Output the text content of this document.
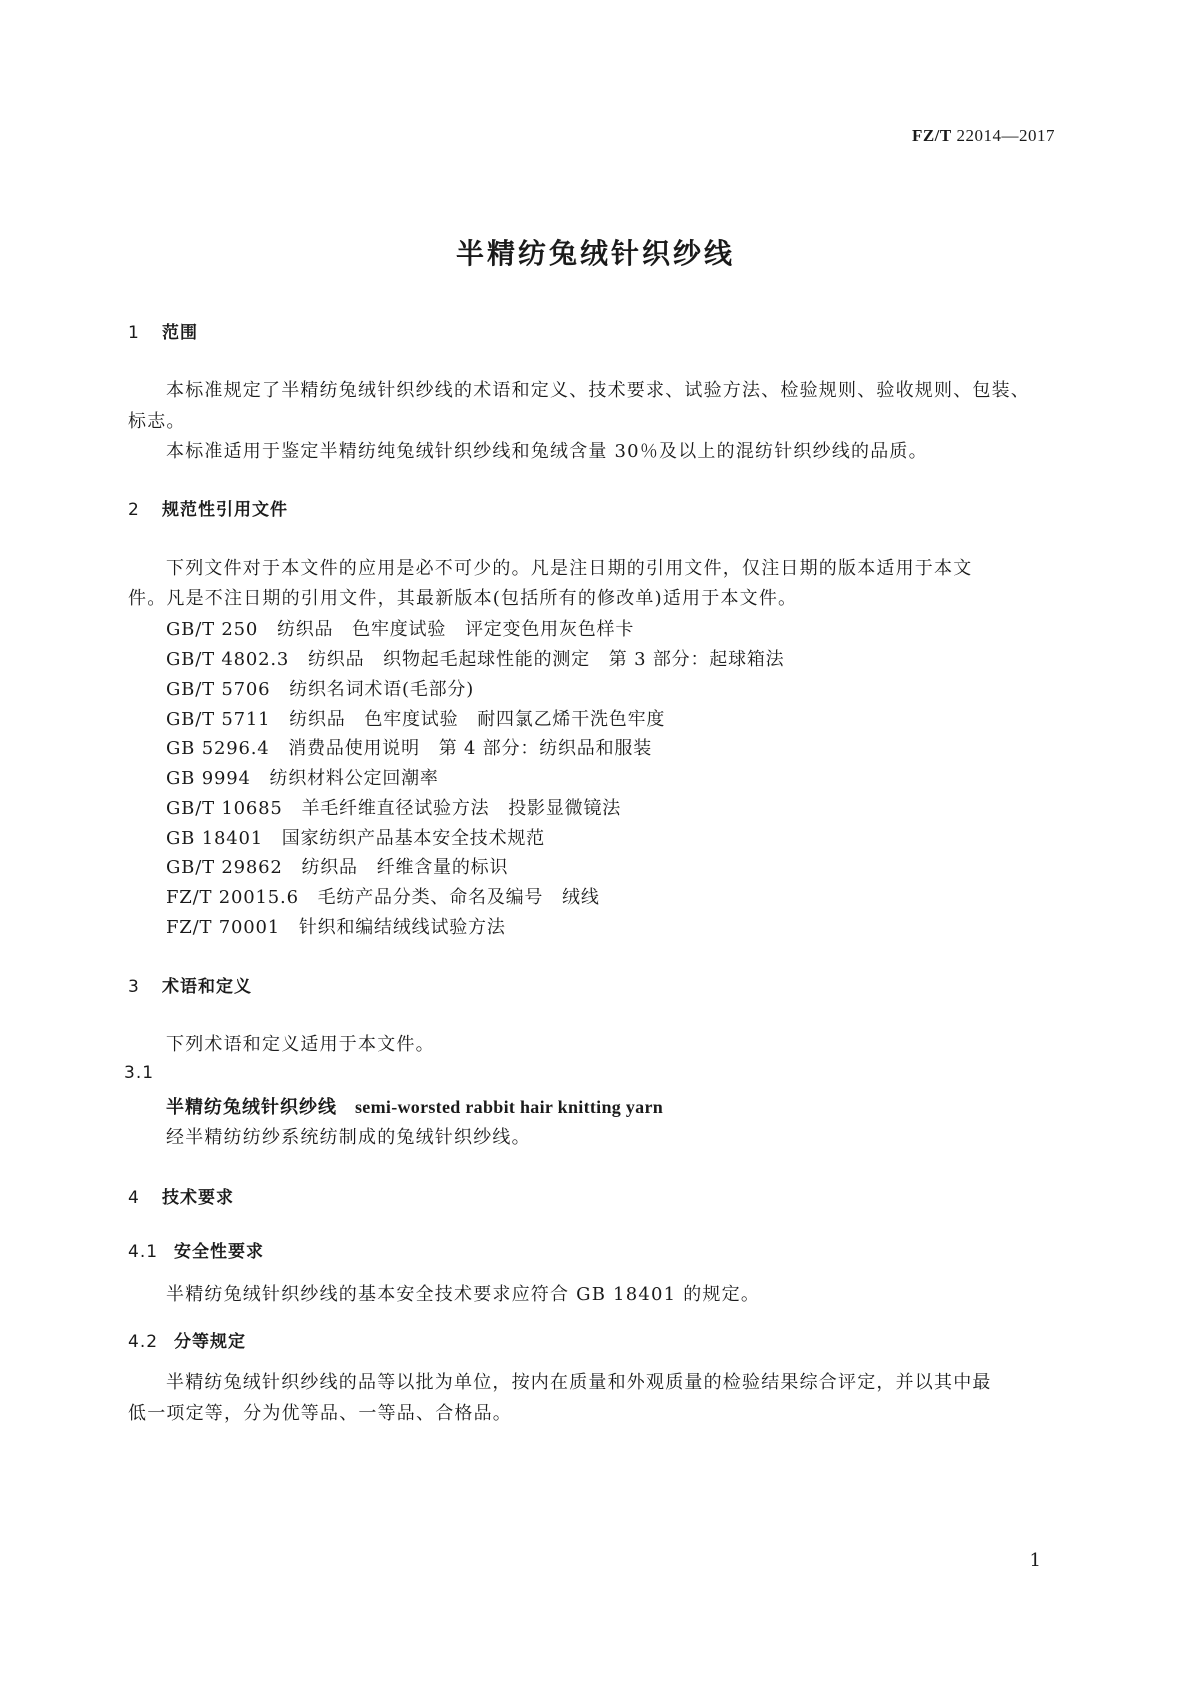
FZ/T 22014—2017
半精纺兔绒针织纱线
1 范围
本标准规定了半精纺兔绒针织纱线的术语和定义、技术要求、试验方法、检验规则、验收规则、包装、
标志。
本标准适用于鉴定半精纺纯兔绒针织纱线和兔绒含量 30％及以上的混纺针织纱线的品质。
2 规范性引用文件
下列文件对于本文件的应用是必不可少的。凡是注日期的引用文件，仅注日期的版本适用于本文
件。凡是不注日期的引用文件，其最新版本(包括所有的修改单)适用于本文件。
GB/T 250　纺织品　色牢度试验　评定变色用灰色样卡
GB/T 4802.3　纺织品　织物起毛起球性能的测定　第 3 部分：起球箱法
GB/T 5706　纺织名词术语(毛部分)
GB/T 5711　纺织品　色牢度试验　耐四氯乙烯干洗色牢度
GB 5296.4　消费品使用说明　第 4 部分：纺织品和服装
GB 9994　纺织材料公定回潮率
GB/T 10685　羊毛纤维直径试验方法　投影显微镜法
GB 18401　国家纺织产品基本安全技术规范
GB/T 29862　纺织品　纤维含量的标识
FZ/T 20015.6　毛纺产品分类、命名及编号　绒线
FZ/T 70001　针织和编结绒线试验方法
3 术语和定义
下列术语和定义适用于本文件。
3.1
半精纺兔绒针织纱线 semi-worsted rabbit hair knitting yarn
经半精纺纺纱系统纺制成的兔绒针织纱线。
4 技术要求
4.1 安全性要求
半精纺兔绒针织纱线的基本安全技术要求应符合 GB 18401 的规定。
4.2 分等规定
半精纺兔绒针织纱线的品等以批为单位，按内在质量和外观质量的检验结果综合评定，并以其中最
低一项定等，分为优等品、一等品、合格品。
1
